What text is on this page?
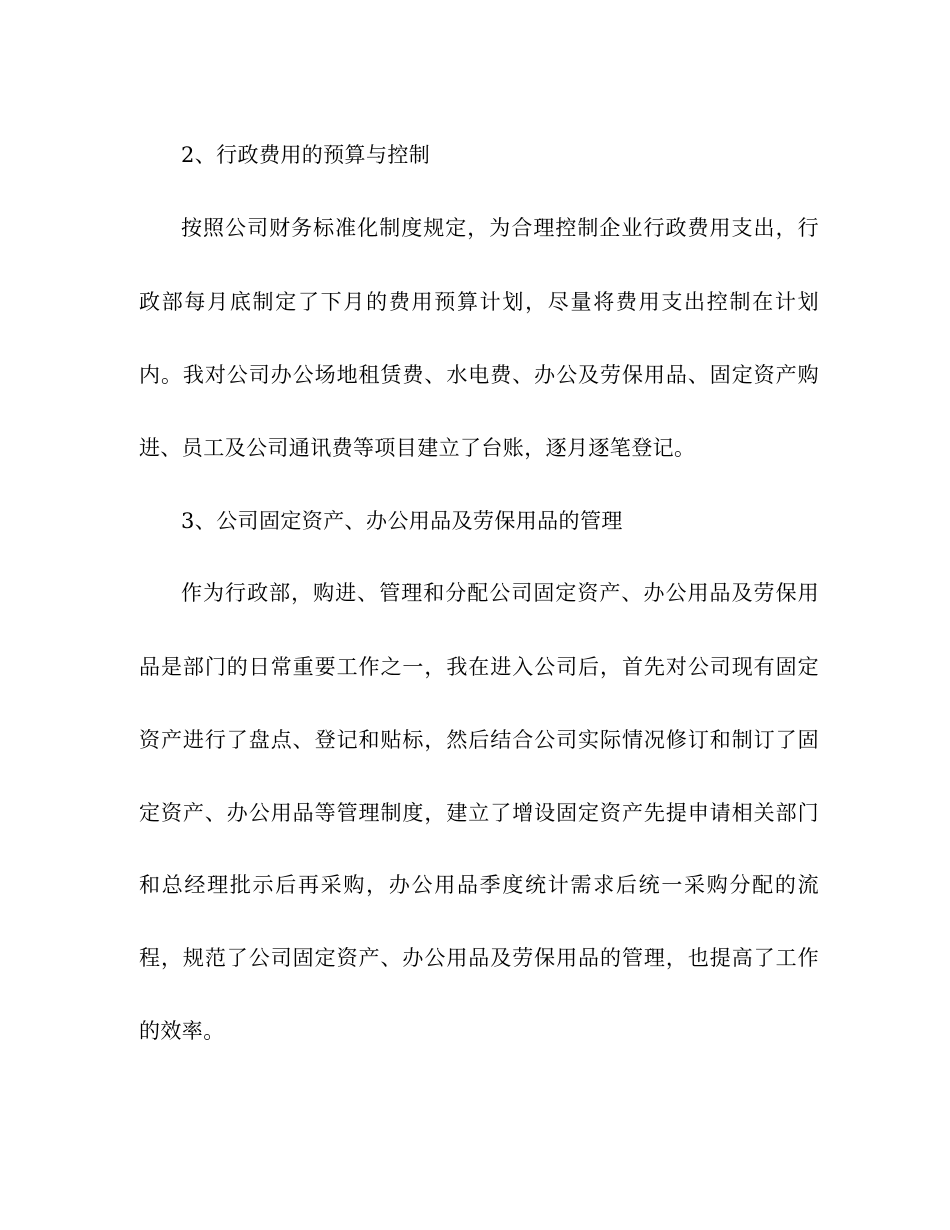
2、行政费用的预算与控制
按照公司财务标准化制度规定，为合理控制企业行政费用支出，行
政部每月底制定了下月的费用预算计划，尽量将费用支出控制在计划
内。我对公司办公场地租赁费、水电费、办公及劳保用品、固定资产购
进、员工及公司通讯费等项目建立了台账，逐月逐笔登记。
3、公司固定资产、办公用品及劳保用品的管理
作为行政部，购进、管理和分配公司固定资产、办公用品及劳保用
品是部门的日常重要工作之一，我在进入公司后，首先对公司现有固定
资产进行了盘点、登记和贴标，然后结合公司实际情况修订和制订了固
定资产、办公用品等管理制度，建立了增设固定资产先提申请相关部门
和总经理批示后再采购，办公用品季度统计需求后统一采购分配的流
程，规范了公司固定资产、办公用品及劳保用品的管理，也提高了工作
的效率。
